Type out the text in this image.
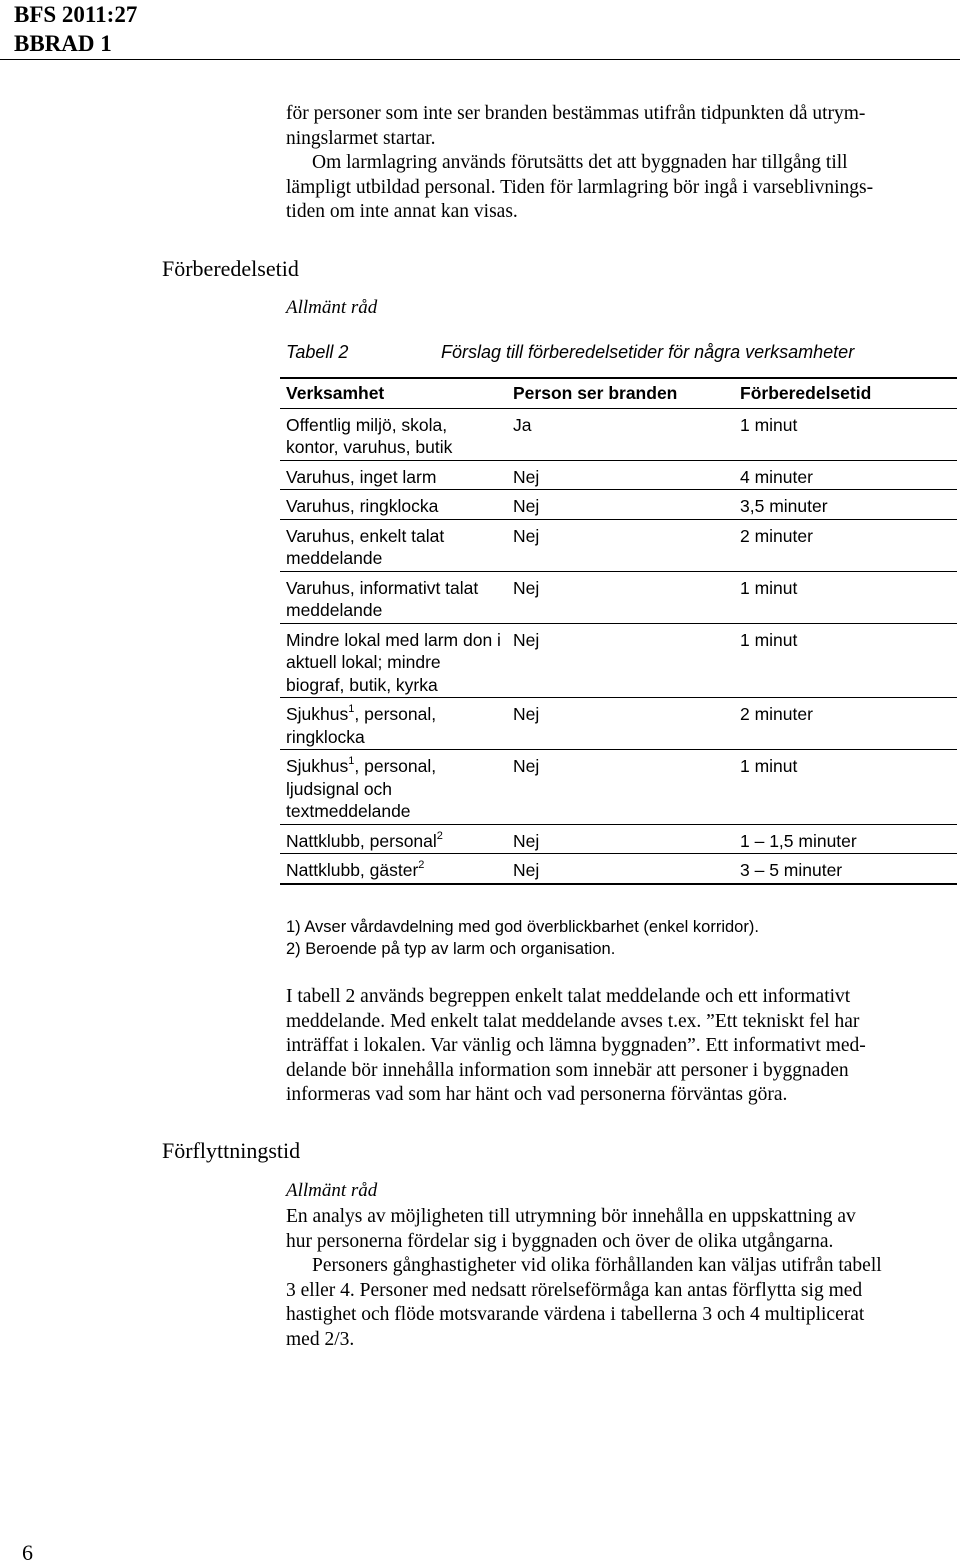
BFS 2011:27
BBRAD 1
för personer som inte ser branden bestämmas utifrån tidpunkten då utrym-
ningslarmet startar.
Om larmlagring används förutsätts det att byggnaden har tillgång till
lämpligt utbildad personal. Tiden för larmlagring bör ingå i varseblivnings-
tiden om inte annat kan visas.
Förberedelsetid
Allmänt råd
Tabell 2	Förslag till förberedelsetider för några verksamheter
Verksamhet	Person ser branden	Förberedelsetid
Offentlig miljö, skola, kontor, varuhus, butik	Ja	1 minut
Varuhus, inget larm	Nej	4 minuter
Varuhus, ringklocka	Nej	3,5 minuter
Varuhus, enkelt talat meddelande	Nej	2 minuter
Varuhus, informativt talat meddelande	Nej	1 minut
Mindre lokal med larm don i aktuell lokal; mindre biograf, butik, kyrka	Nej	1 minut
Sjukhus$^1$, personal, ringklocka	Nej	2 minuter
Sjukhus$^1$, personal, ljudsignal och textmeddelande	Nej	1 minut
Nattklubb, personal$^2$	Nej	1 – 1,5 minuter
Nattklubb, gäster$^2$	Nej	3 – 5 minuter
1) Avser vårdavdelning med god överblickbarhet (enkel korridor).
2) Beroende på typ av larm och organisation.
I tabell 2 används begreppen enkelt talat meddelande och ett informativt
meddelande. Med enkelt talat meddelande avses t.ex. ”Ett tekniskt fel har
inträffat i lokalen. Var vänlig och lämna byggnaden”. Ett informativt med-
delande bör innehålla information som innebär att personer i byggnaden
informeras vad som har hänt och vad personerna förväntas göra.
Förflyttningstid
Allmänt råd
En analys av möjligheten till utrymning bör innehålla en uppskattning av
hur personerna fördelar sig i byggnaden och över de olika utgångarna.
Personers gånghastigheter vid olika förhållanden kan väljas utifrån tabell
3 eller 4. Personer med nedsatt rörelseförmåga kan antas förflytta sig med
hastighet och flöde motsvarande värdena i tabellerna 3 och 4 multiplicerat
med 2/3.
6
